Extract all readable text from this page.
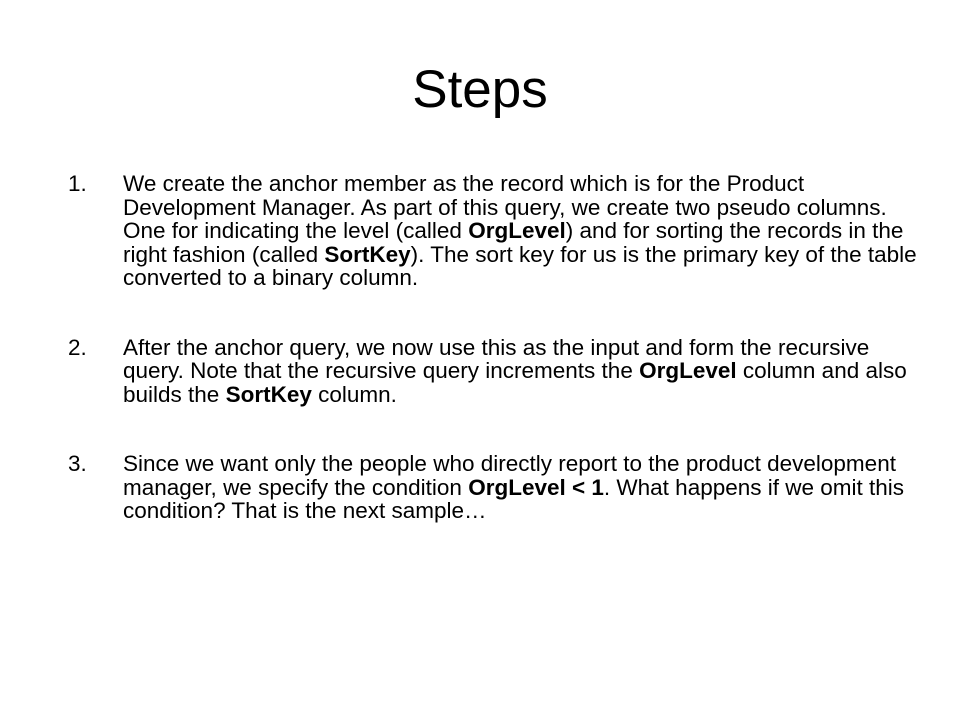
Steps
1. We create the anchor member as the record which is for the Product Development Manager. As part of this query, we create two pseudo columns. One for indicating the level (called OrgLevel) and for sorting the records in the right fashion (called SortKey). The sort key for us is the primary key of the table converted to a binary column.
2. After the anchor query, we now use this as the input and form the recursive query. Note that the recursive query increments the OrgLevel column and also builds the SortKey column.
3. Since we want only the people who directly report to the product development manager, we specify the condition OrgLevel < 1. What happens if we omit this condition? That is the next sample…
